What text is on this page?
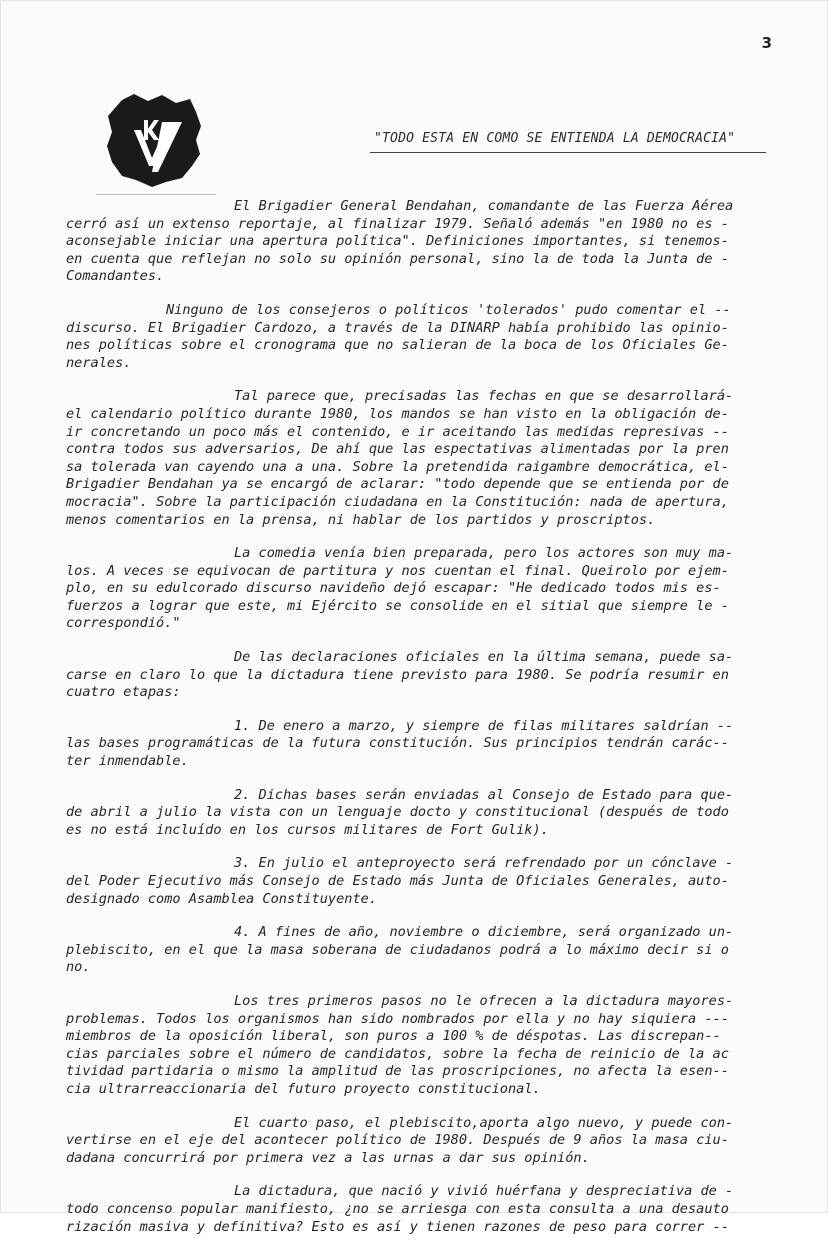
3
"TODO ESTA EN COMO SE ENTIENDA LA DEMOCRACIA"
El Brigadier General Bendahan, comandante de las Fuerza Aérea
cerró así un extenso reportaje, al finalizar 1979. Señaló además "en 1980 no es -
aconsejable iniciar una apertura política". Definiciones importantes, si tenemos-
en cuenta que reflejan no solo su opinión personal, sino la de toda la Junta de -
Comandantes.
Ninguno de los consejeros o políticos 'tolerados' pudo comentar el --
discurso. El Brigadier Cardozo, a través de la DINARP había prohibido las opinio-
nes políticas sobre el cronograma que no salieran de la boca de los Oficiales Ge-
nerales.
Tal parece que, precisadas las fechas en que se desarrollará-
el calendario político durante 1980, los mandos se han visto en la obligación de-
ir concretando un poco más el contenido, e ir aceitando las medidas represivas --
contra todos sus adversarios, De ahí que las espectativas alimentadas por la pren
sa tolerada van cayendo una a una. Sobre la pretendida raigambre democrática, el-
Brigadier Bendahan ya se encargó de aclarar: "todo depende que se entienda por de
mocracia". Sobre la participación ciudadana en la Constitución: nada de apertura,
menos comentarios en la prensa, ni hablar de los partidos y proscriptos.
La comedia venía bien preparada, pero los actores son muy ma-
los. A veces se equivocan de partitura y nos cuentan el final. Queirolo por ejem-
plo, en su edulcorado discurso navideño dejó escapar: "He dedicado todos mis es-
fuerzos a lograr que este, mi Ejército se consolide en el sitial que siempre le -
correspondió."
De las declaraciones oficiales en la última semana, puede sa-
carse en claro lo que la dictadura tiene previsto para 1980. Se podría resumir en
cuatro etapas:
1. De enero a marzo, y siempre de filas militares saldrían --
las bases programáticas de la futura constitución. Sus principios tendrán carác--
ter inmendable.
2. Dichas bases serán enviadas al Consejo de Estado para que-
de abril a julio la vista con un lenguaje docto y constitucional (después de todo
es no está incluído en los cursos militares de Fort Gulik).
3. En julio el anteproyecto será refrendado por un cónclave -
del Poder Ejecutivo más Consejo de Estado más Junta de Oficiales Generales, auto-
designado como Asamblea Constituyente.
4. A fines de año, noviembre o diciembre, será organizado un-
plebiscito, en el que la masa soberana de ciudadanos podrá a lo máximo decir si o
no.
Los tres primeros pasos no le ofrecen a la dictadura mayores-
problemas. Todos los organismos han sido nombrados por ella y no hay siquiera ---
miembros de la oposición liberal, son puros a 100 % de déspotas. Las discrepan--
cias parciales sobre el número de candidatos, sobre la fecha de reinicio de la ac
tividad partidaria o mismo la amplitud de las proscripciones, no afecta la esen--
cia ultrarreaccionaria del futuro proyecto constitucional.
El cuarto paso, el plebiscito,aporta algo nuevo, y puede con-
vertirse en el eje del acontecer político de 1980. Después de 9 años la masa ciu-
dadana concurrirá por primera vez a las urnas a dar sus opinión.
La dictadura, que nació y vivió huérfana y despreciativa de -
todo concenso popular manifiesto, ¿no se arriesga con esta consulta a una desauto
rización masiva y definitiva? Esto es así y tienen razones de peso para correr --
